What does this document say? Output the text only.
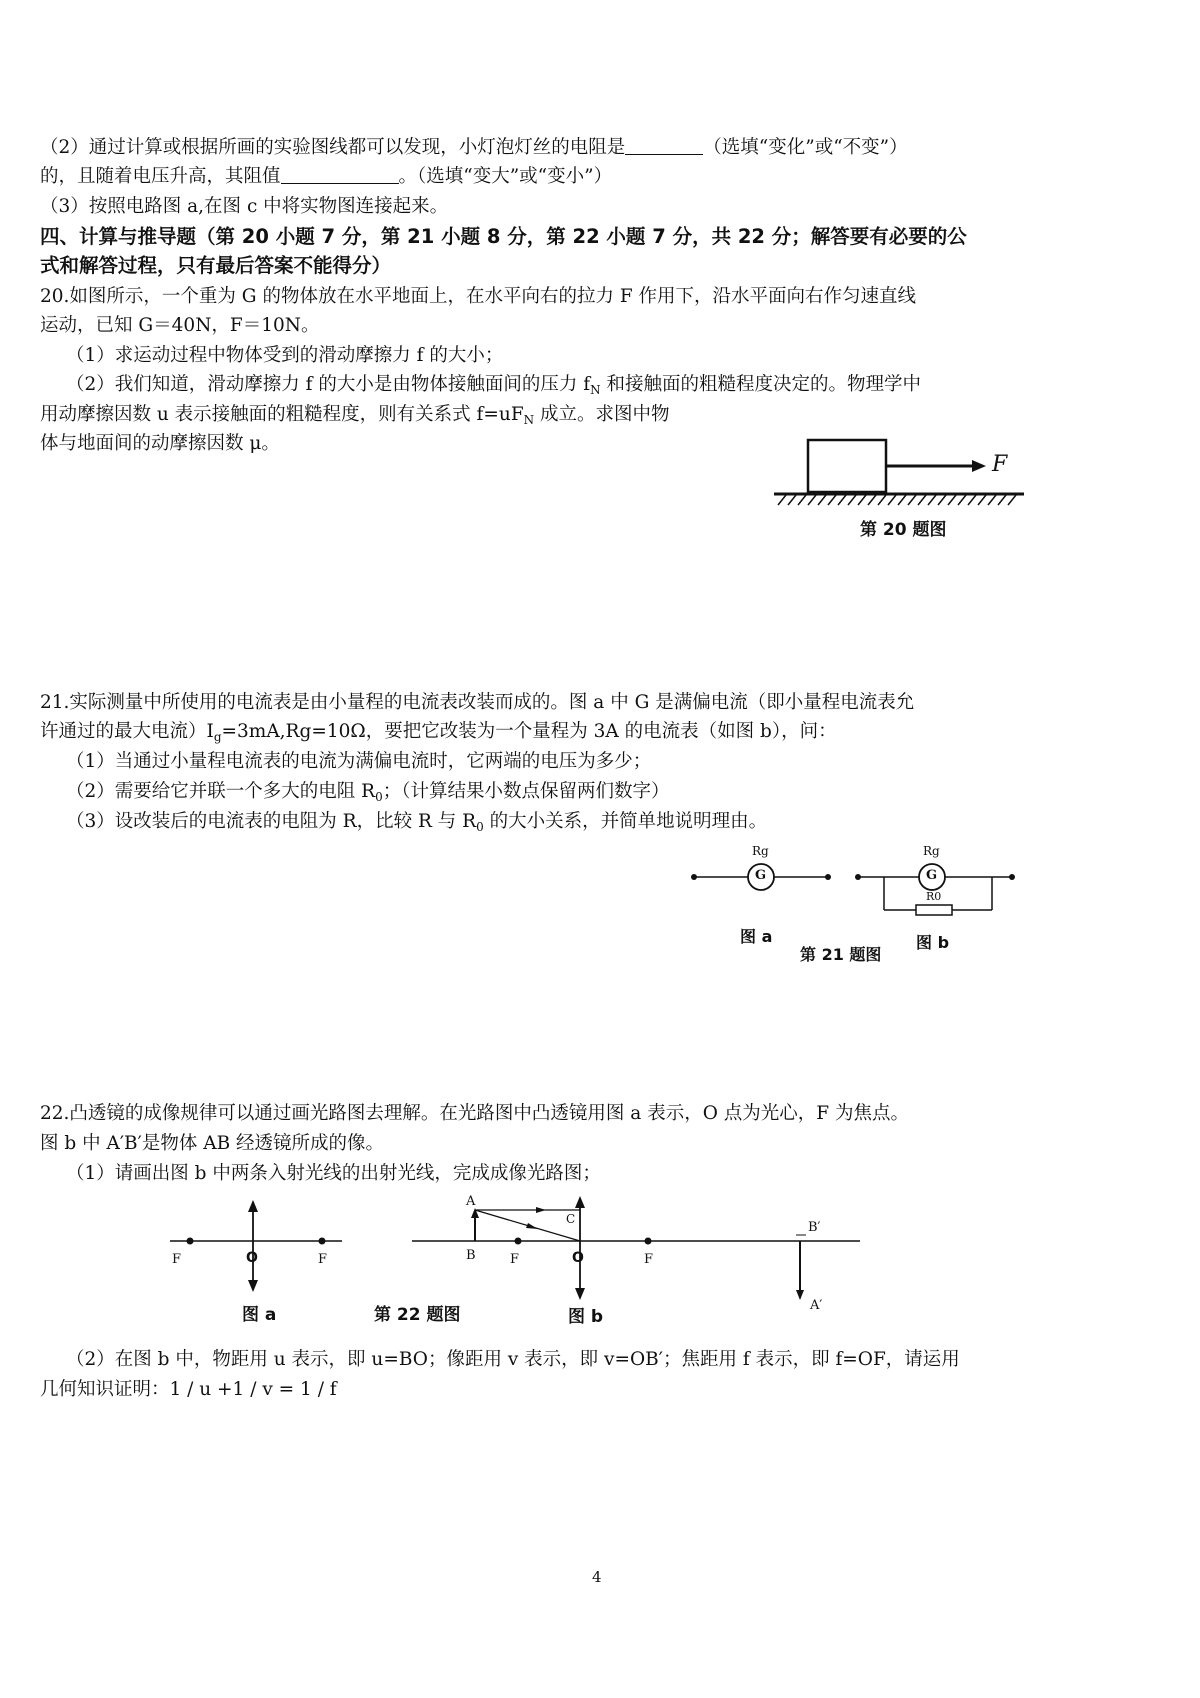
（2）通过计算或根据所画的实验图线都可以发现，小灯泡灯丝的电阻是	（选填“变化”或“不变”）
的，且随着电压升高，其阻值	。（选填“变大”或“变小”）
（3）按照电路图 a,在图 c 中将实物图连接起来。
四、计算与推导题（第 20 小题 7 分，第 21 小题 8 分，第 22 小题 7 分，共 22 分；解答要有必要的公
式和解答过程，只有最后答案不能得分）
20.如图所示，一个重为 G 的物体放在水平地面上，在水平向右的拉力 F 作用下，沿水平面向右作匀速直线
运动，已知 G＝40N，F＝10N。
（1）求运动过程中物体受到的滑动摩擦力 f 的大小；
（2）我们知道，滑动摩擦力 f 的大小是由物体接触面间的压力 $f_N$ 和接触面的粗糙程度决定的。物理学中
用动摩擦因数 u 表示接触面的粗糙程度，则有关系式 $f=uF_N$ 成立。求图中物
体与地面间的动摩擦因数 μ。
F
第 20 题图
21.实际测量中所使用的电流表是由小量程的电流表改装而成的。图 a 中 G 是满偏电流（即小量程电流表允
许通过的最大电流）$I_g=3mA,Rg=10\Omega$，要把它改装为一个量程为 3A 的电流表（如图 b），问：
（1）当通过小量程电流表的电流为满偏电流时，它两端的电压为多少；
（2）需要给它并联一个多大的电阻 $R_0$；（计算结果小数点保留两们数字）
（3）设改装后的电流表的电阻为 R，比较 R 与 $R_0$ 的大小关系，并简单地说明理由。
Rg
G
Rg
G
R0
图 a	图 b
第 21 题图
22.凸透镜的成像规律可以通过画光路图去理解。在光路图中凸透镜用图 a 表示，O 点为光心，F 为焦点。
图 b 中 A′B′是物体 AB 经透镜所成的像。
（1）请画出图 b 中两条入射光线的出射光线，完成成像光路图；
F	O	F
A
B
C
F	O	F
B′
A′
图 a	第 22 题图	图 b
（2）在图 b 中，物距用 u 表示，即 u=BO；像距用 v 表示，即 v=OB′；焦距用 f 表示，即 f=OF，请运用
几何知识证明：1 / u +1 / v = 1 / f
4
